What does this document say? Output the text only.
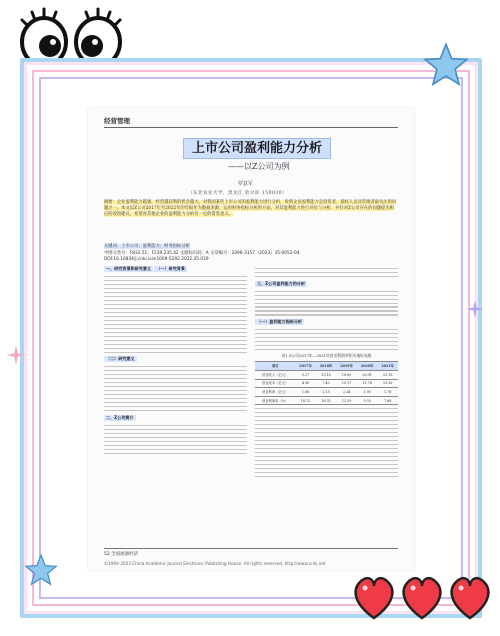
经营管理
上市公司盈利能力分析
——以Z公司为例
罗意军
（东北农业大学，黑龙江 哈尔滨 150030）
摘要：企业盈利能力越强，经营越获利的机会越大。对我国某些上市公司的盈利能力进行分析，说明企业盈利能力是投资者、债权人以及管理者最关注的问题之一。本文以Z公司2017年至2022年的年报作为数据来源，运用财务指标分析的方法，对其盈利能力进行评价与分析，并针对Z公司存在的问题提出相应的改进建议，希望对其他企业的盈利能力分析有一定的借鉴意义。
关键词：上市公司；盈利能力；财务指标分析
中图分类号：F832.51；F239.235.42 文献标识码：A 文章编号：2096-3157（2023）35-0052-04
DOI:10.16834/j.cnki.issn1009-5292.2022.35.029
一、研究背景和研究意义 （一）研究背景
（二）研究意义
二、Z公司简介
三、Z公司盈利能力的分析
（一）盈利能力指标分析
表1 Z公司2017年—2021年营业利润率相关指标表格
项目	2017年	2018年	2019年	2020年	2021年
营业收入（亿元）	9.27	13.18	18.89	20.91	23.18
营业成本（亿元）	4.96	7.42	10.17	11.76	13.26
营业利润（亿元）	1.68	2.15	2.34	1.95	1.78
营业利润率（%）	18.12	16.31	12.39	9.33	7.68
52 全国流通经济
©1994-2023 China Academic Journal Electronic Publishing House. All rights reserved. http://www.cnki.net
